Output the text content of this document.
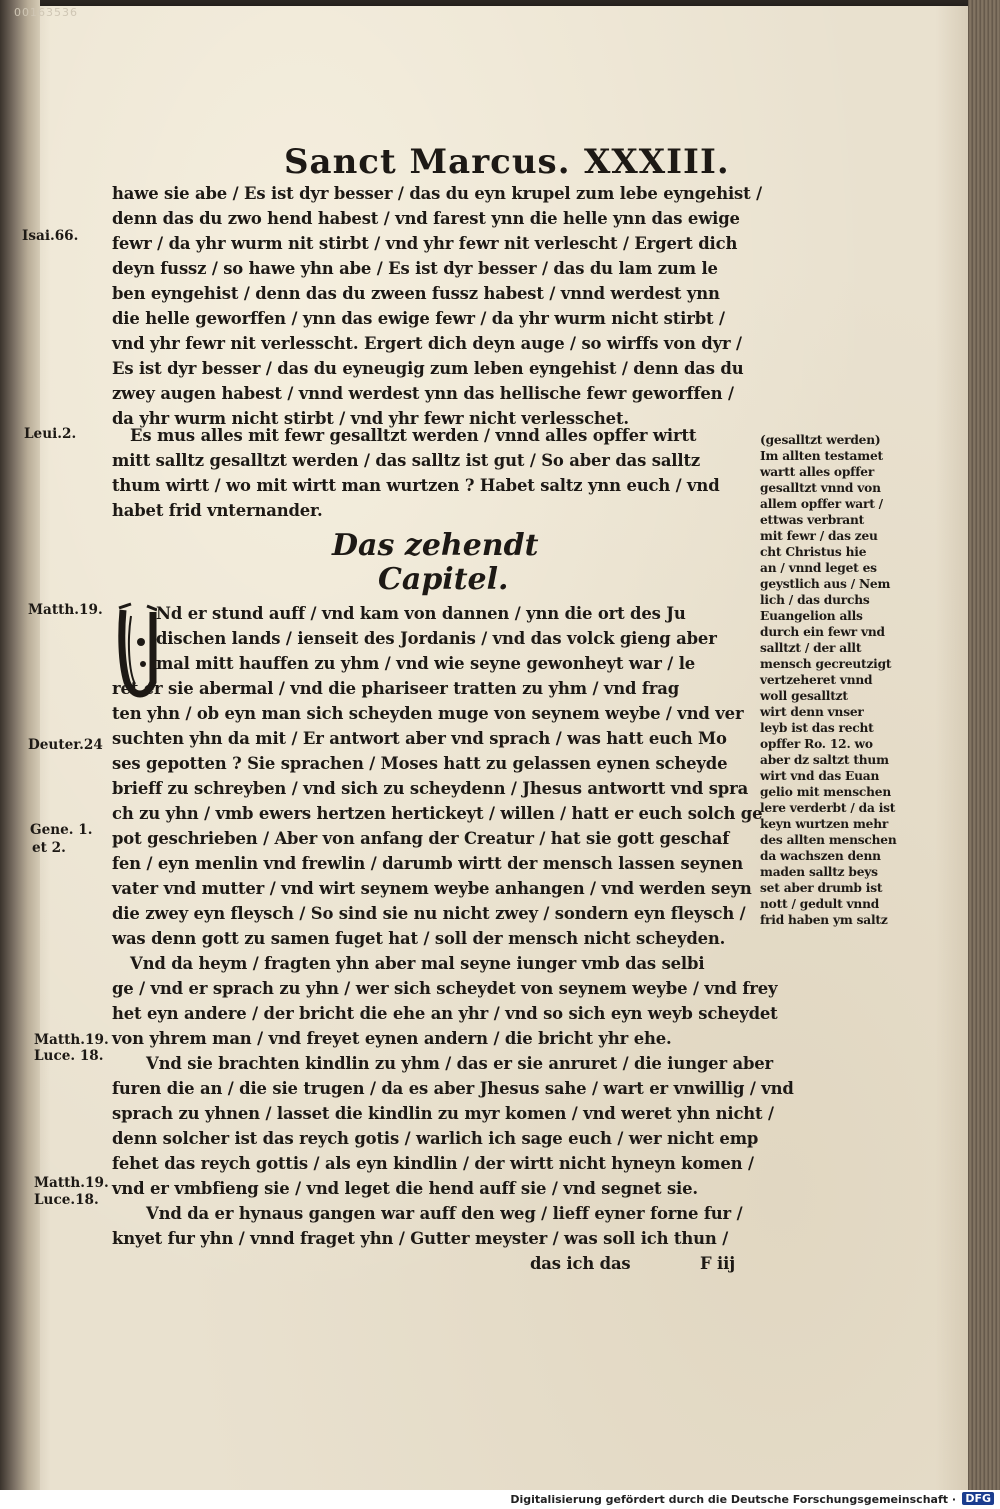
00163536
Sanct Marcus. XXXIII.
Isai.66.
Leui.2.
Matth.19.
Deuter.24
Gene. 1.
et 2.
Matth.19.
Luce. 18.
Matth.19.
Luce.18.
hawe sie abe / Es ist dyr besser / das du eyn krupel zum lebe eyngehist /
denn das du zwo hend habest / vnd farest ynn die helle ynn das ewige
fewr / da yhr wurm nit stirbt / vnd yhr fewr nit verlescht / Ergert dich
deyn fussz / so hawe yhn abe / Es ist dyr besser / das du lam zum le
ben eyngehist / denn das du zween fussz habest / vnnd werdest ynn
die helle geworffen / ynn das ewige fewr / da yhr wurm nicht stirbt /
vnd yhr fewr nit verlesscht. Ergert dich deyn auge / so wirffs von dyr /
Es ist dyr besser / das du eyneugig zum leben eyngehist / denn das du
zwey augen habest / vnnd werdest ynn das hellische fewr geworffen /
da yhr wurm nicht stirbt / vnd yhr fewr nicht verlesschet.
Es mus alles mit fewr gesalltzt werden / vnnd alles opffer wirtt
mitt salltz gesalltzt werden / das salltz ist gut / So aber das salltz
thum wirtt / wo mit wirtt man wurtzen ? Habet saltz ynn euch / vnd
habet frid vnternander.
Das zehendt
Capitel.
Nd er stund auff / vnd kam von dannen / ynn die ort des Ju
dischen lands / ienseit des Jordanis / vnd das volck gieng aber
mal mitt hauffen zu yhm / vnd wie seyne gewonheyt war / le
ret er sie abermal / vnd die phariseer tratten zu yhm / vnd frag
ten yhn / ob eyn man sich scheyden muge von seynem weybe / vnd ver
suchten yhn da mit / Er antwort aber vnd sprach / was hatt euch Mo
ses gepotten ? Sie sprachen / Moses hatt zu gelassen eynen scheyde
brieff zu schreyben / vnd sich zu scheydenn / Jhesus antwortt vnd spra
ch zu yhn / vmb ewers hertzen hertickeyt / willen / hatt er euch solch ge
pot geschrieben / Aber von anfang der Creatur / hat sie gott geschaf
fen / eyn menlin vnd frewlin / darumb wirtt der mensch lassen seynen
vater vnd mutter / vnd wirt seynem weybe anhangen / vnd werden seyn
die zwey eyn fleysch / So sind sie nu nicht zwey / sondern eyn fleysch /
was denn gott zu samen fuget hat / soll der mensch nicht scheyden.
Vnd da heym / fragten yhn aber mal seyne iunger vmb das selbi
ge / vnd er sprach zu yhn / wer sich scheydet von seynem weybe / vnd frey
het eyn andere / der bricht die ehe an yhr / vnd so sich eyn weyb scheydet
von yhrem man / vnd freyet eynen andern / die bricht yhr ehe.
Vnd sie brachten kindlin zu yhm / das er sie anruret / die iunger aber
furen die an / die sie trugen / da es aber Jhesus sahe / wart er vnwillig / vnd
sprach zu yhnen / lasset die kindlin zu myr komen / vnd weret yhn nicht /
denn solcher ist das reych gotis / warlich ich sage euch / wer nicht emp
fehet das reych gottis / als eyn kindlin / der wirtt nicht hyneyn komen /
vnd er vmbfieng sie / vnd leget die hend auff sie / vnd segnet sie.
Vnd da er hynaus gangen war auff den weg / lieff eyner forne fur /
knyet fur yhn / vnnd fraget yhn / Gutter meyster / was soll ich thun /
das ich das	F iij
(gesalltzt werden)
Im allten testamet
wartt alles opffer
gesalltzt vnnd von
allem opffer wart /
ettwas verbrant
mit fewr / das zeu
cht Christus hie
an / vnnd leget es
geystlich aus / Nem
lich / das durchs
Euangelion alls
durch ein fewr vnd
salltzt / der allt
mensch gecreutzigt
vertzeheret vnnd
woll gesalltzt
wirt denn vnser
leyb ist das recht
opffer Ro. 12. wo
aber dz saltzt thum
wirt vnd das Euan
gelio mit menschen
lere verderbt / da ist
keyn wurtzen mehr
des allten menschen
da wachszen denn
maden salltz beys
set aber drumb ist
nott / gedult vnnd
frid haben ym saltz
Digitalisierung gefördert durch die Deutsche Forschungsgemeinschaft · DFG
